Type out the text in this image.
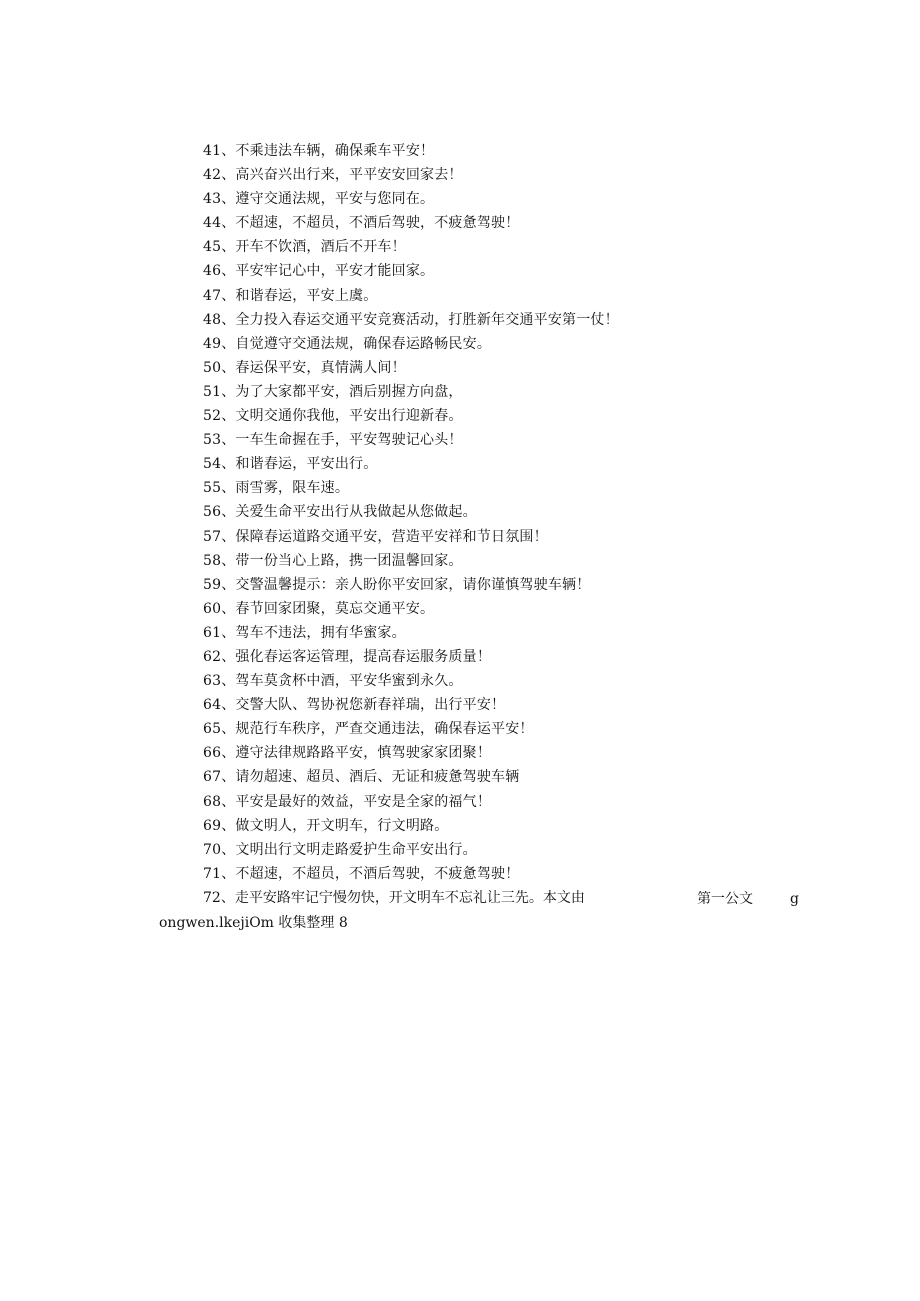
41、不乘违法车辆，确保乘车平安！
42、高兴奋兴出行来，平平安安回家去！
43、遵守交通法规，平安与您同在。
44、不超速，不超员，不酒后驾驶，不疲惫驾驶！
45、开车不饮酒，酒后不开车！
46、平安牢记心中，平安才能回家。
47、和谐春运，平安上虞。
48、全力投入春运交通平安竞赛活动，打胜新年交通平安第一仗！
49、自觉遵守交通法规，确保春运路畅民安。
50、春运保平安，真情满人间！
51、为了大家都平安，酒后别握方向盘，
52、文明交通你我他，平安出行迎新春。
53、一车生命握在手，平安驾驶记心头！
54、和谐春运，平安出行。
55、雨雪雾，限车速。
56、关爱生命平安出行从我做起从您做起。
57、保障春运道路交通平安，营造平安祥和节日氛围！
58、带一份当心上路，携一团温馨回家。
59、交警温馨提示：亲人盼你平安回家，请你谨慎驾驶车辆！
60、春节回家团聚，莫忘交通平安。
61、驾车不违法，拥有华蜜家。
62、强化春运客运管理，提高春运服务质量！
63、驾车莫贪杯中酒，平安华蜜到永久。
64、交警大队、驾协祝您新春祥瑞，出行平安！
65、规范行车秩序，严查交通违法，确保春运平安！
66、遵守法律规路路平安，慎驾驶家家团聚！
67、请勿超速、超员、酒后、无证和疲惫驾驶车辆
68、平安是最好的效益，平安是全家的福气！
69、做文明人，开文明车，行文明路。
70、文明出行文明走路爱护生命平安出行。
71、不超速，不超员，不酒后驾驶，不疲惫驾驶！
72、走平安路牢记宁慢勿快，开文明车不忘礼让三先。本文由	第一公文	g
ongwen.lkejiOm 收集整理 8
